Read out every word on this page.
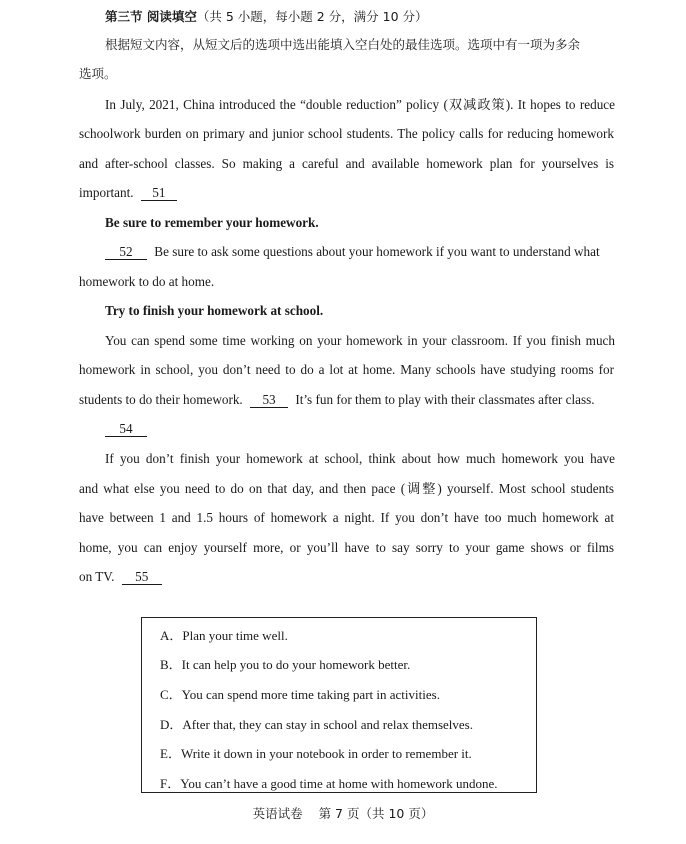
第三节 阅读填空（共 5 小题，每小题 2 分，满分 10 分）
根据短文内容，从短文后的选项中选出能填入空白处的最佳选项。选项中有一项为多余
选项。
In July, 2021, China introduced the “double reduction” policy (双减政策). It hopes to reduce
schoolwork burden on primary and junior school students. The policy calls for reducing homework
and after-school classes. So making a careful and available homework plan for yourselves is
important. 51
Be sure to remember your homework.
52 Be sure to ask some questions about your homework if you want to understand what
homework to do at home.
Try to finish your homework at school.
You can spend some time working on your homework in your classroom. If you finish much
homework in school, you don’t need to do a lot at home. Many schools have studying rooms for
students to do their homework. 53 It’s fun for them to play with their classmates after class.
54
If you don’t finish your homework at school, think about how much homework you have
and what else you need to do on that day, and then pace (调整) yourself. Most school students
have between 1 and 1.5 hours of homework a night. If you don’t have too much homework at
home, you can enjoy yourself more, or you’ll have to say sorry to your game shows or films
on TV. 55
A．Plan your time well.
B．It can help you to do your homework better.
C．You can spend more time taking part in activities.
D．After that, they can stay in school and relax themselves.
E．Write it down in your notebook in order to remember it.
F．You can’t have a good time at home with homework undone.
英语试卷    第 7 页（共 10 页）
